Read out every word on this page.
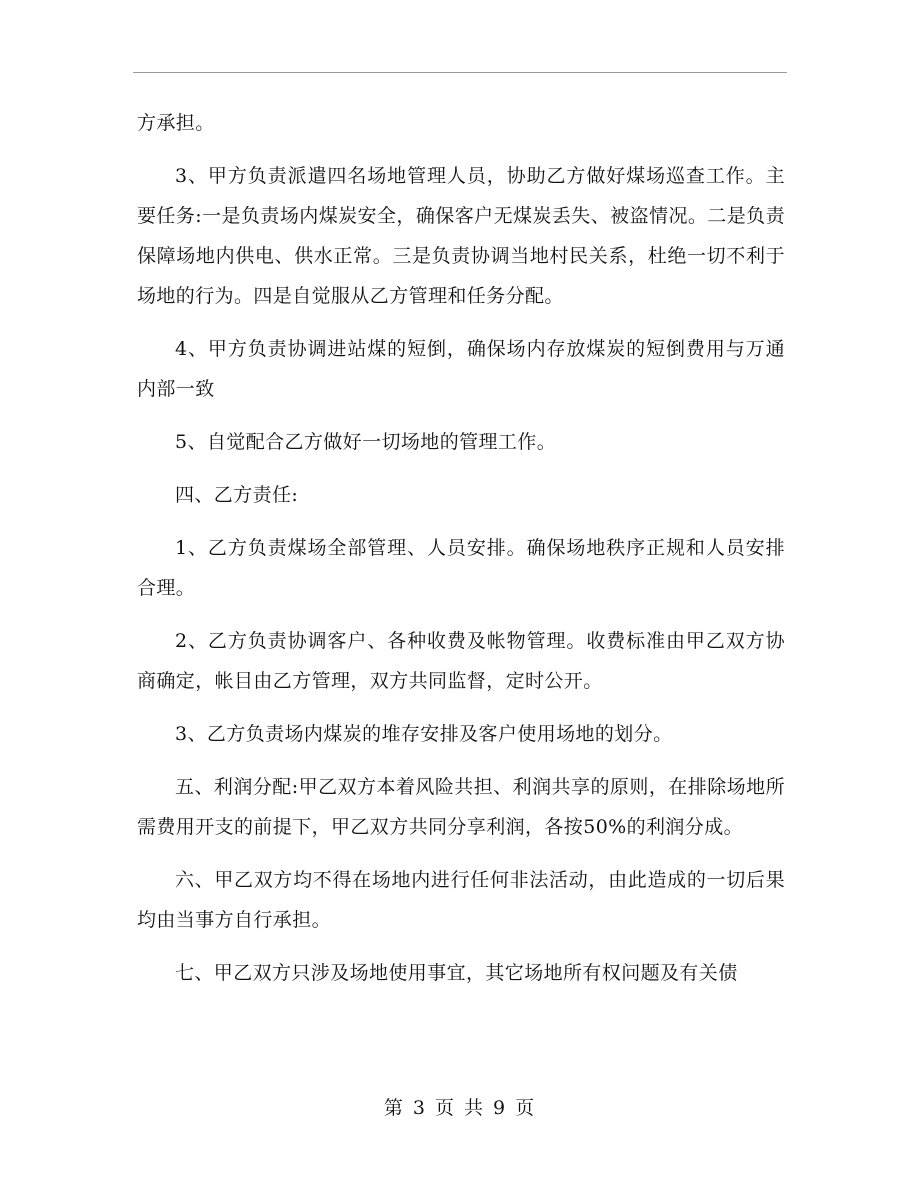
方承担。

3、甲方负责派遣四名场地管理人员，协助乙方做好煤场巡查工作。主要任务:一是负责场内煤炭安全，确保客户无煤炭丢失、被盗情况。二是负责保障场地内供电、供水正常。三是负责协调当地村民关系，杜绝一切不利于场地的行为。四是自觉服从乙方管理和任务分配。

4、甲方负责协调进站煤的短倒，确保场内存放煤炭的短倒费用与万通内部一致

5、自觉配合乙方做好一切场地的管理工作。

四、乙方责任:

1、乙方负责煤场全部管理、人员安排。确保场地秩序正规和人员安排合理。

2、乙方负责协调客户、各种收费及帐物管理。收费标准由甲乙双方协商确定，帐目由乙方管理，双方共同监督，定时公开。

3、乙方负责场内煤炭的堆存安排及客户使用场地的划分。

五、利润分配:甲乙双方本着风险共担、利润共享的原则，在排除场地所需费用开支的前提下，甲乙双方共同分享利润，各按50%的利润分成。

六、甲乙双方均不得在场地内进行任何非法活动，由此造成的一切后果均由当事方自行承担。

七、甲乙双方只涉及场地使用事宜，其它场地所有权问题及有关债

第 3 页 共 9 页
